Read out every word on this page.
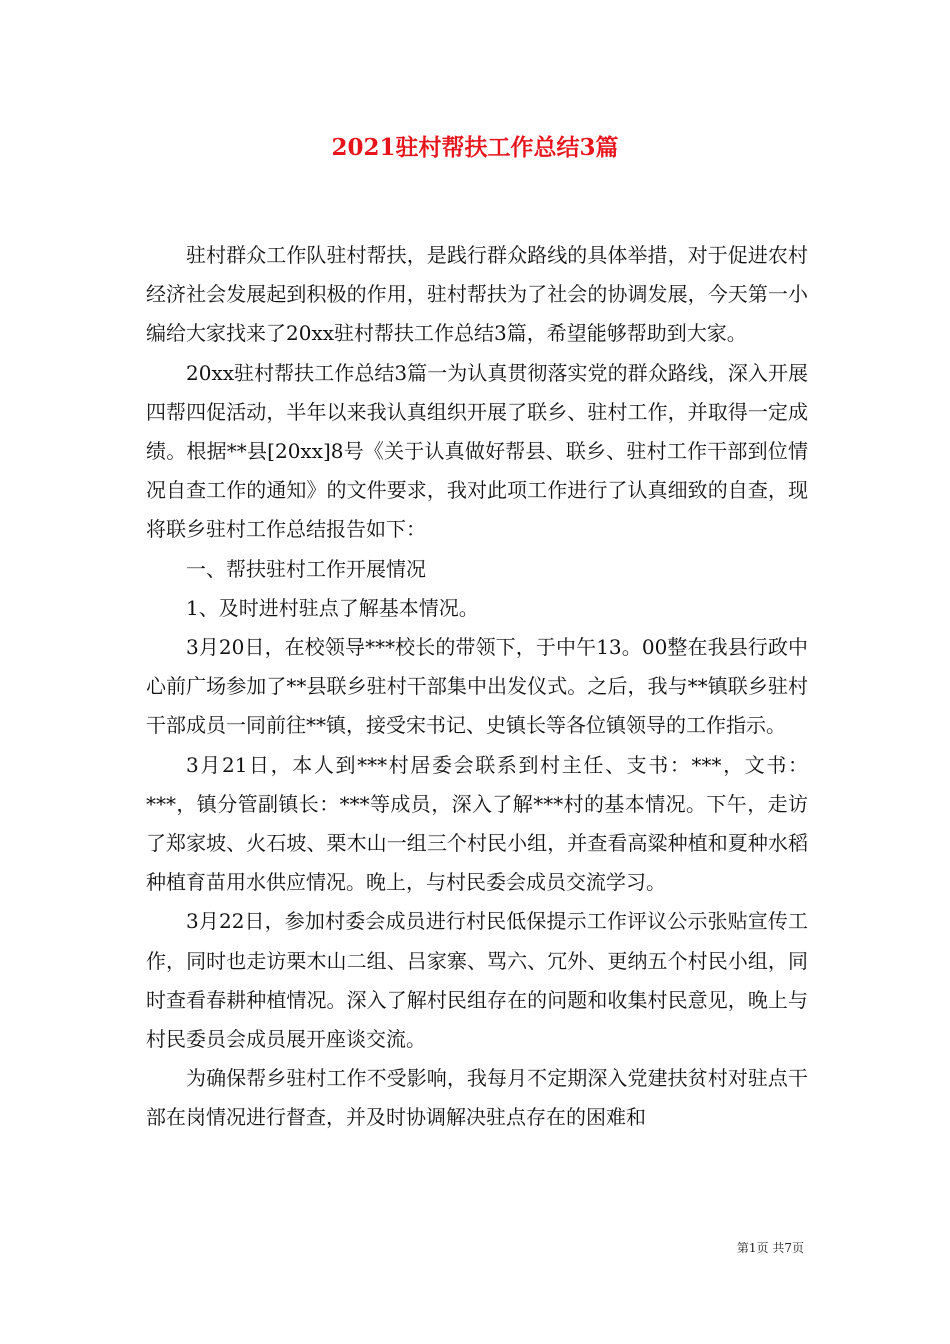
2021驻村帮扶工作总结3篇

驻村群众工作队驻村帮扶，是践行群众路线的具体举措，对于促进农村经济社会发展起到积极的作用，驻村帮扶为了社会的协调发展，今天第一小编给大家找来了20xx驻村帮扶工作总结3篇，希望能够帮助到大家。

20xx驻村帮扶工作总结3篇一为认真贯彻落实党的群众路线，深入开展四帮四促活动，半年以来我认真组织开展了联乡、驻村工作，并取得一定成绩。根据**县[20xx]8号《关于认真做好帮县、联乡、驻村工作干部到位情况自查工作的通知》的文件要求，我对此项工作进行了认真细致的自查，现将联乡驻村工作总结报告如下：

一、帮扶驻村工作开展情况

1、及时进村驻点了解基本情况。

3月20日，在校领导***校长的带领下，于中午13。00整在我县行政中心前广场参加了**县联乡驻村干部集中出发仪式。之后，我与**镇联乡驻村干部成员一同前往**镇，接受宋书记、史镇长等各位镇领导的工作指示。

3月21日，本人到***村居委会联系到村主任、支书：***，文书：***，镇分管副镇长：***等成员，深入了解***村的基本情况。下午，走访了郑家坡、火石坡、栗木山一组三个村民小组，并查看高粱种植和夏种水稻种植育苗用水供应情况。晚上，与村民委会成员交流学习。

3月22日，参加村委会成员进行村民低保提示工作评议公示张贴宣传工作，同时也走访栗木山二组、吕家寨、骂六、冗外、更纳五个村民小组，同时查看春耕种植情况。深入了解村民组存在的问题和收集村民意见，晚上与村民委员会成员展开座谈交流。

为确保帮乡驻村工作不受影响，我每月不定期深入党建扶贫村对驻点干部在岗情况进行督查，并及时协调解决驻点存在的困难和

第1页 共7页
